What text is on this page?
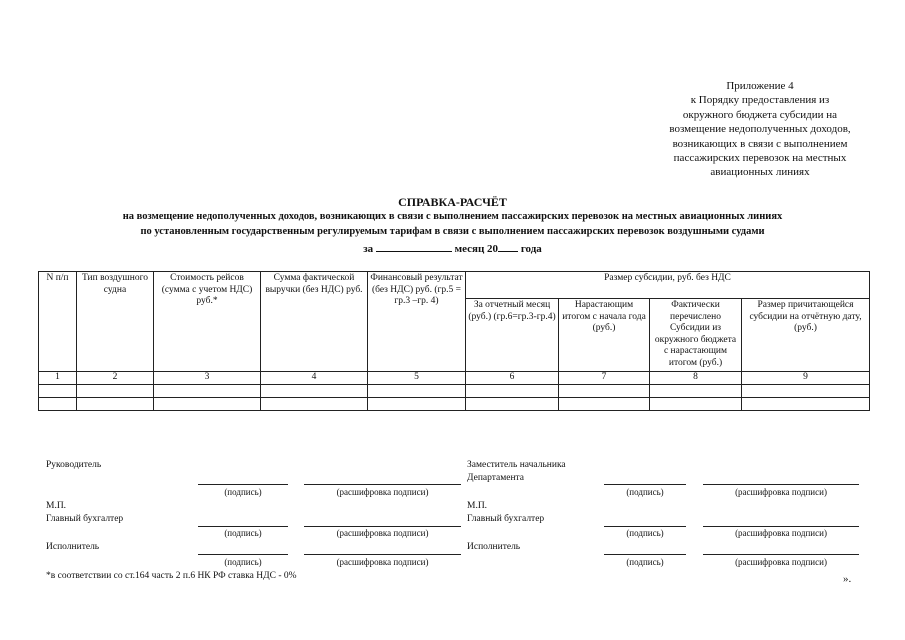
Приложение 4
к Порядку предоставления из
окружного бюджета субсидии на
возмещение недополученных доходов,
возникающих в связи с выполнением
пассажирских перевозок на местных
авиационных линиях
СПРАВКА-РАСЧЁТ
на возмещение недополученных доходов, возникающих в связи с выполнением пассажирских перевозок на местных авиационных линиях
по установленным государственным регулируемым тарифам в связи с выполнением пассажирских перевозок воздушными судами
за	месяц 20 года
N п/п	Тип воздушного судна	Стоимость рейсов (сумма с учетом НДС) руб.*	Сумма фактической выручки (без НДС) руб.	Финансовый результат (без НДС) руб. (гр.5 = гр.3 –гр. 4)	Размер субсидии, руб. без НДС			
					За отчетный месяц (руб.) (гр.6=гр.3-гр.4)	Нарастающим итогом с начала года (руб.)	Фактически перечислено Субсидии из окружного бюджета с нарастающим итогом (руб.)	Размер причитающейся субсидии на отчётную дату, (руб.)
1	2	3	4	5	6	7	8	9

Руководитель
(подпись)	(расшифровка подписи)
М.П.
Главный бухгалтер
(подпись)	(расшифровка подписи)
Исполнитель
(подпись)	(расшифровка подписи)
Заместитель начальника
Департамента
(подпись)	(расшифровка подписи)
М.П.
Главный бухгалтер
(подпись)	(расшифровка подписи)
Исполнитель
(подпись)	(расшифровка подписи)
*в соответствии со ст.164 часть 2 п.6 НК РФ ставка НДС - 0%	».
